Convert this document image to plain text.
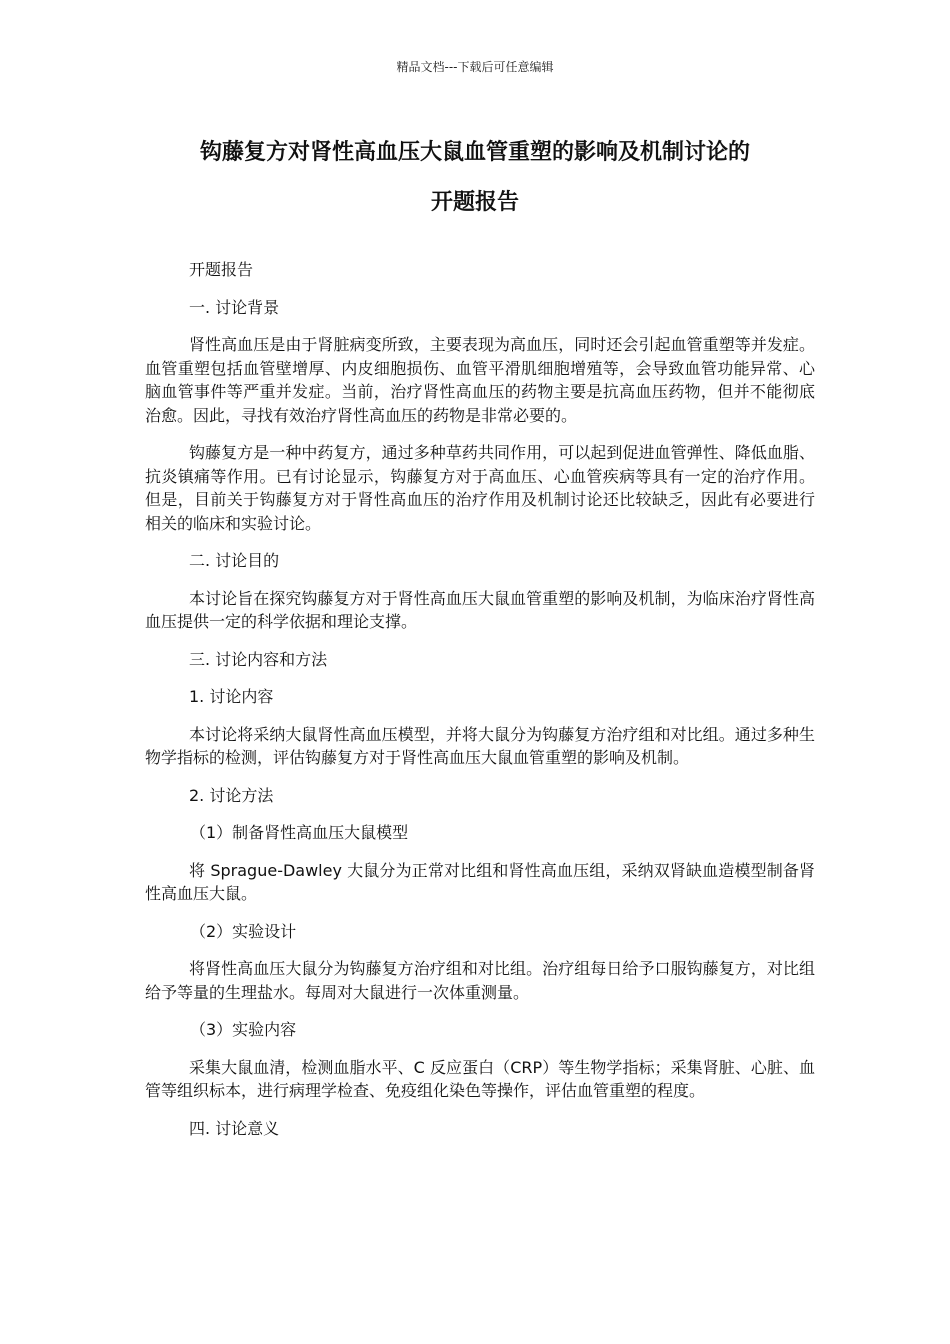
精品文档---下载后可任意编辑
钩藤复方对肾性高血压大鼠血管重塑的影响及机制讨论的
开题报告
开题报告
一. 讨论背景

肾性高血压是由于肾脏病变所致，主要表现为高血压，同时还会引起血管重塑等并发症。血管重塑包括血管壁增厚、内皮细胞损伤、血管平滑肌细胞增殖等，会导致血管功能异常、心脑血管事件等严重并发症。当前，治疗肾性高血压的药物主要是抗高血压药物，但并不能彻底治愈。因此，寻找有效治疗肾性高血压的药物是非常必要的。

钩藤复方是一种中药复方，通过多种草药共同作用，可以起到促进血管弹性、降低血脂、抗炎镇痛等作用。已有讨论显示，钩藤复方对于高血压、心血管疾病等具有一定的治疗作用。但是，目前关于钩藤复方对于肾性高血压的治疗作用及机制讨论还比较缺乏，因此有必要进行相关的临床和实验讨论。

二. 讨论目的

本讨论旨在探究钩藤复方对于肾性高血压大鼠血管重塑的影响及机制，为临床治疗肾性高血压提供一定的科学依据和理论支撑。

三. 讨论内容和方法
1. 讨论内容

本讨论将采纳大鼠肾性高血压模型，并将大鼠分为钩藤复方治疗组和对比组。通过多种生物学指标的检测，评估钩藤复方对于肾性高血压大鼠血管重塑的影响及机制。

2. 讨论方法
（1）制备肾性高血压大鼠模型

将 Sprague-Dawley 大鼠分为正常对比组和肾性高血压组，采纳双肾缺血造模型制备肾性高血压大鼠。

（2）实验设计

将肾性高血压大鼠分为钩藤复方治疗组和对比组。治疗组每日给予口服钩藤复方，对比组给予等量的生理盐水。每周对大鼠进行一次体重测量。

（3）实验内容

采集大鼠血清，检测血脂水平、C 反应蛋白（CRP）等生物学指标；采集肾脏、心脏、血管等组织标本，进行病理学检查、免疫组化染色等操作，评估血管重塑的程度。

四. 讨论意义
